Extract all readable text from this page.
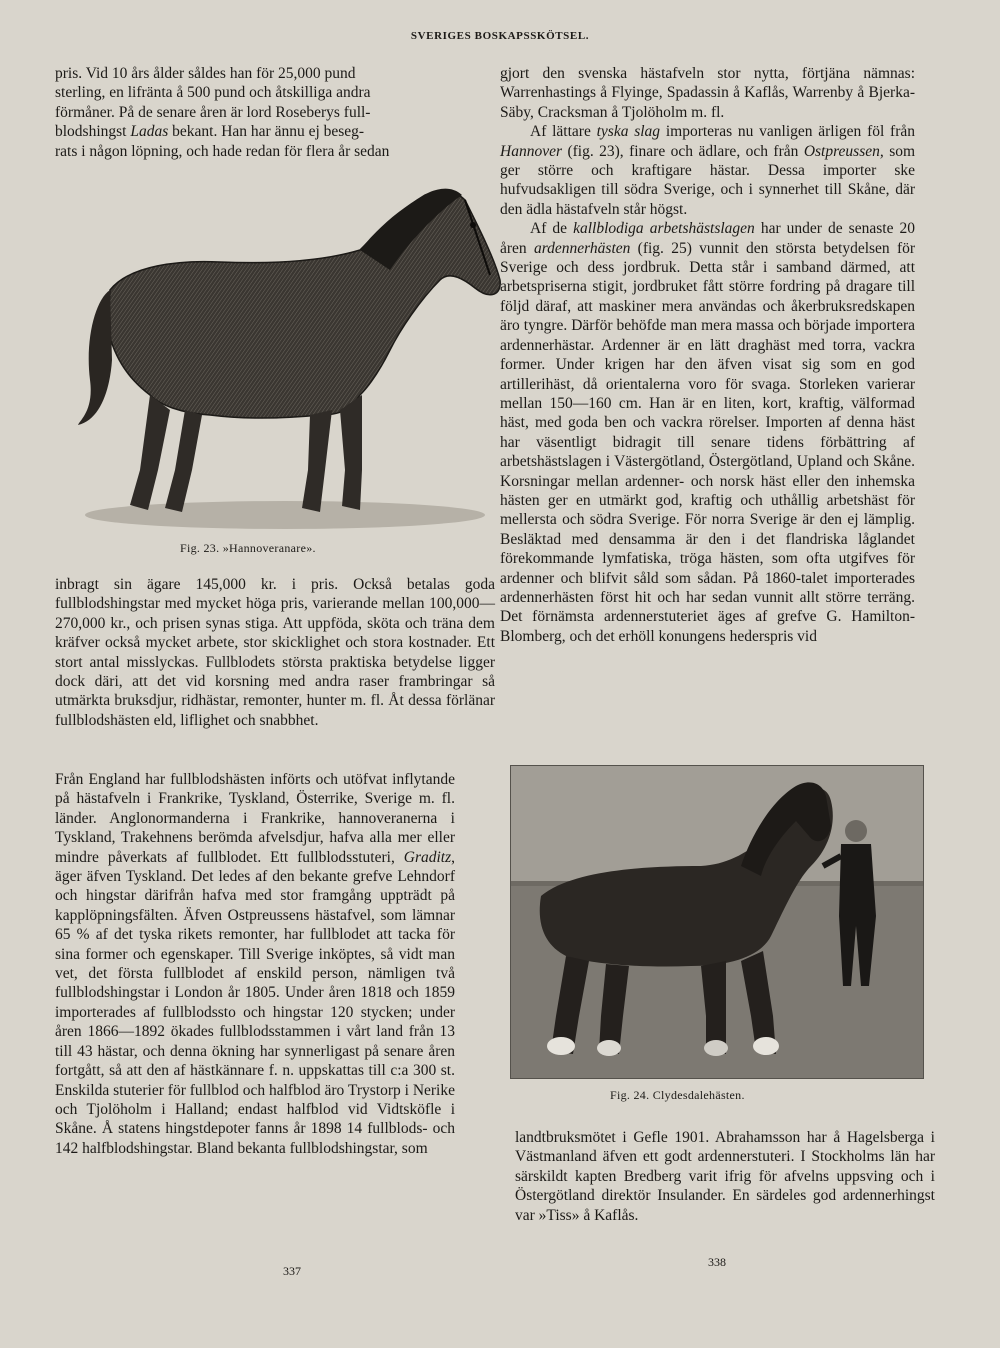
SVERIGES BOSKAPSSKÖTSEL.

pris. Vid 10 års ålder såldes han för 25,000 pund
sterling, en lifränta å 500 pund och åtskilliga andra
förmåner. På de senare åren är lord Roseberys full-
blodshingst Ladas bekant. Han har ännu ej beseg-
rats i någon löpning, och hade redan för flera år sedan

Fig. 23. »Hannoveranare».

inbragt sin ägare 145,000 kr. i pris. Också betalas goda fullblodshingstar med mycket höga pris, varierande mellan 100,000—270,000 kr., och prisen synas stiga. Att uppföda, sköta och träna dem kräfver också mycket arbete, stor skicklighet och stora kostnader. Ett stort antal misslyckas. Fullblodets största praktiska betydelse ligger dock däri, att det vid korsning med andra raser frambringar så utmärkta bruksdjur, ridhästar, remonter, hunter m. fl. Åt dessa förlänar fullblodshästen eld, liflighet och snabbhet.

Från England har fullblodshästen införts och utöfvat inflytande på hästafveln i Frankrike, Tyskland, Österrike, Sverige m. fl. länder. Anglonormanderna i Frankrike, hannoveranerna i Tyskland, Trakehnens berömda afvelsdjur, hafva alla mer eller mindre påverkats af fullblodet. Ett fullblodsstuteri, Graditz, äger äfven Tyskland. Det ledes af den bekante grefve Lehndorf och hingstar därifrån hafva med stor framgång uppträdt på kapplöpningsfälten. Äfven Ostpreussens hästafvel, som lämnar 65 % af det tyska rikets remonter, har fullblodet att tacka för sina former och egenskaper. Till Sverige inköptes, så vidt man vet, det första fullblodet af enskild person, nämligen två fullblodshingstar i London år 1805. Under åren 1818 och 1859 importerades af fullblodssto och hingstar 120 stycken; under åren 1866—1892 ökades fullblodsstammen i vårt land från 13 till 43 hästar, och denna ökning har synnerligast på senare åren fortgått, så att den af hästkännare f. n. uppskattas till c:a 300 st. Enskilda stuterier för fullblod och halfblod äro Trystorp i Nerike och Tjolöholm i Halland; endast halfblod vid Vidtsköfle i Skåne. Å statens hingstdepoter fanns år 1898 14 fullblods- och 142 halfblodshingstar. Bland bekanta fullblodshingstar, som

gjort den svenska hästafveln stor nytta, förtjäna nämnas: Warrenhastings å Flyinge, Spadassin å Kaflås, Warrenby å Bjerka-Säby, Cracksman å Tjolöholm m. fl.

Af lättare tyska slag importeras nu vanligen ärligen föl från Hannover (fig. 23), finare och ädlare, och från Ostpreussen, som ger större och kraftigare hästar. Dessa importer ske hufvudsakligen till södra Sverige, och i synnerhet till Skåne, där den ädla hästafveln står högst.

Af de kallblodiga arbetshästslagen har under de senaste 20 åren ardennerhästen (fig. 25) vunnit den största betydelsen för Sverige och dess jordbruk. Detta står i samband därmed, att arbetspriserna stigit, jordbruket fått större fordring på dragare till följd däraf, att maskiner mera användas och åkerbruksredskapen äro tyngre. Därför behöfde man mera massa och började importera ardennerhästar. Ardenner är en lätt draghäst med torra, vackra former. Under krigen har den äfven visat sig som en god artillerihäst, då orientalerna voro för svaga. Storleken varierar mellan 150—160 cm. Han är en liten, kort, kraftig, välformad häst, med goda ben och vackra rörelser. Importen af denna häst har väsentligt bidragit till senare tidens förbättring af arbetshästslagen i Västergötland, Östergötland, Upland och Skåne. Korsningar mellan ardenner- och norsk häst eller den inhemska hästen ger en utmärkt god, kraftig och uthållig arbetshäst för mellersta och södra Sverige. För norra Sverige är den ej lämplig. Besläktad med densamma är den i det flandriska låglandet förekommande lymfatiska, tröga hästen, som ofta utgifves för ardenner och blifvit såld som sådan. På 1860-talet importerades ardennerhästen först hit och har sedan vunnit allt större terräng. Det förnämsta ardennerstuteriet äges af grefve G. Hamilton-Blomberg, och det erhöll konungens hederspris vid

Fig. 24. Clydesdalehästen.

landtbruksmötet i Gefle 1901. Abrahamsson har å Hagelsberga i Västmanland äfven ett godt ardennerstuteri. I Stockholms län har särskildt kapten Bredberg varit ifrig för afvelns uppsving och i Östergötland direktör Insulander. En särdeles god ardennerhingst var »Tiss» å Kaflås.

337
338
